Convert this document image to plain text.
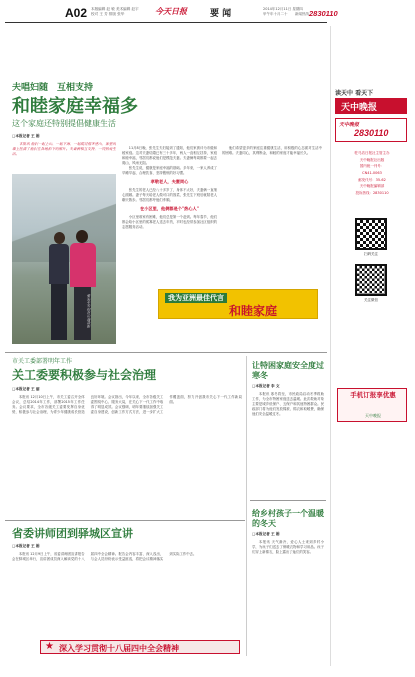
A02 本版编辑 赵 敏 美术编辑 赵宇
校对 王 芳 排版 张华	今天日报	要 闻	2014年12月11日 星期四
甲午年十月二十 新闻热线 2830110
夫唱妇随　互相支持
和睦家庭幸福多
这个家庭还特别提倡健康生活
□本报记者 王 娟

本报讯 他们一起上山、一起下海，一起爬过很多座山，家里的墙上挂满了他们在各地拍下的照片。夫妻俩相互支持，一同热爱生活。

张先生夫妇在山顶合影

11月8日晚，张先生夫妇接到了通知，他们家被评为市级和睦家庭。这对夫妻结婚已有三十多年，两人一直相互扶持，家庭和睦幸福，邻居们都说他们是模范夫妻。夫妻俩每周都要一起去爬山，风雨无阻。

张先生说，健康是家庭幸福的基础。多年来，一家人养成了早睡早起、合理饮食、坚持锻炼的好习惯。

孝敬老人，夫妻同心

张先生的老人已经八十多岁了，身体不太好，夫妻俩一直细心照顾。妻子每天给老人做可口的饭菜，张先生下班后就陪老人聊天散步。邻居们都夸他们孝顺。

在小区里，他俩都是个"热心人"

小区里谁家有困难，他们总是第一个赶到。每年春节，他们都会给小区里的孤寡老人送去年货，平时也经常参加社区组织的志愿服务活动。

他们希望更多的家庭注重健康生活，用积极的心态面对生活中的困难。夫妻同心，其利断金，和睦的家庭才能幸福长久。

我为亚洲最佳代言
和睦家庭
市关工委部署明年工作
关工委要积极参与社会治理
□本报记者 王 丽

本报讯 12月10日上午，市关工委召开全体会议，总结2014年工作，部署2015年工作任务。会议要求，全市各级关工委要发挥自身优势，积极参与社会治理，为青少年健康成长营造良好环境。会议指出，今年以来，全市各级关工委围绕中心、服务大局，在关心下一代工作中取得了明显成效。会议强调，明年要继续加强关工委自身建设，创新工作方式方法，进一步扩大工作覆盖面，努力开创我市关心下一代工作新局面。

让特困家庭安全度过寒冬
□本报记者 李 文

本报讯 寒冬将至，市民政局启动冬季救助工作，为全市特困家庭送去温暖。此次救助对象主要是城乡低保户、五保户和其他特困群众。民政部门将为他们发放棉被、棉衣和取暖费，确保他们安全温暖过冬。

给乡村孩子一个温暖的冬天
□本报记者 王 娟

本报讯 天气渐冷，爱心人士来到乡村小学，为孩子们送去了保暖衣物和学习用品。孩子们穿上新棉衣，脸上露出了灿烂的笑容。

省委讲师团到驿城区宣讲
□本报记者 王 娟

本报讯 12月9日上午，省委讲师团宣讲报告会在驿城区举行，宣讲团成员深入解读党的十八届四中全会精神。报告会内容丰富、深入浅出，与会人员纷纷表示受益匪浅，将把会议精神落实到实际工作中去。

★ 深入学习贯彻十八届四中全会精神
读天中 看天下
天中晚报
天中晚报
2830110
驻马店日报社主管主办
天中晚报社出版
国内统一刊号：
CN41-0063
邮发代号：35-62
天中晚报编辑部
投诉热线：2830110
扫码关注
关注微信
手机订报享优惠
天中晚报
